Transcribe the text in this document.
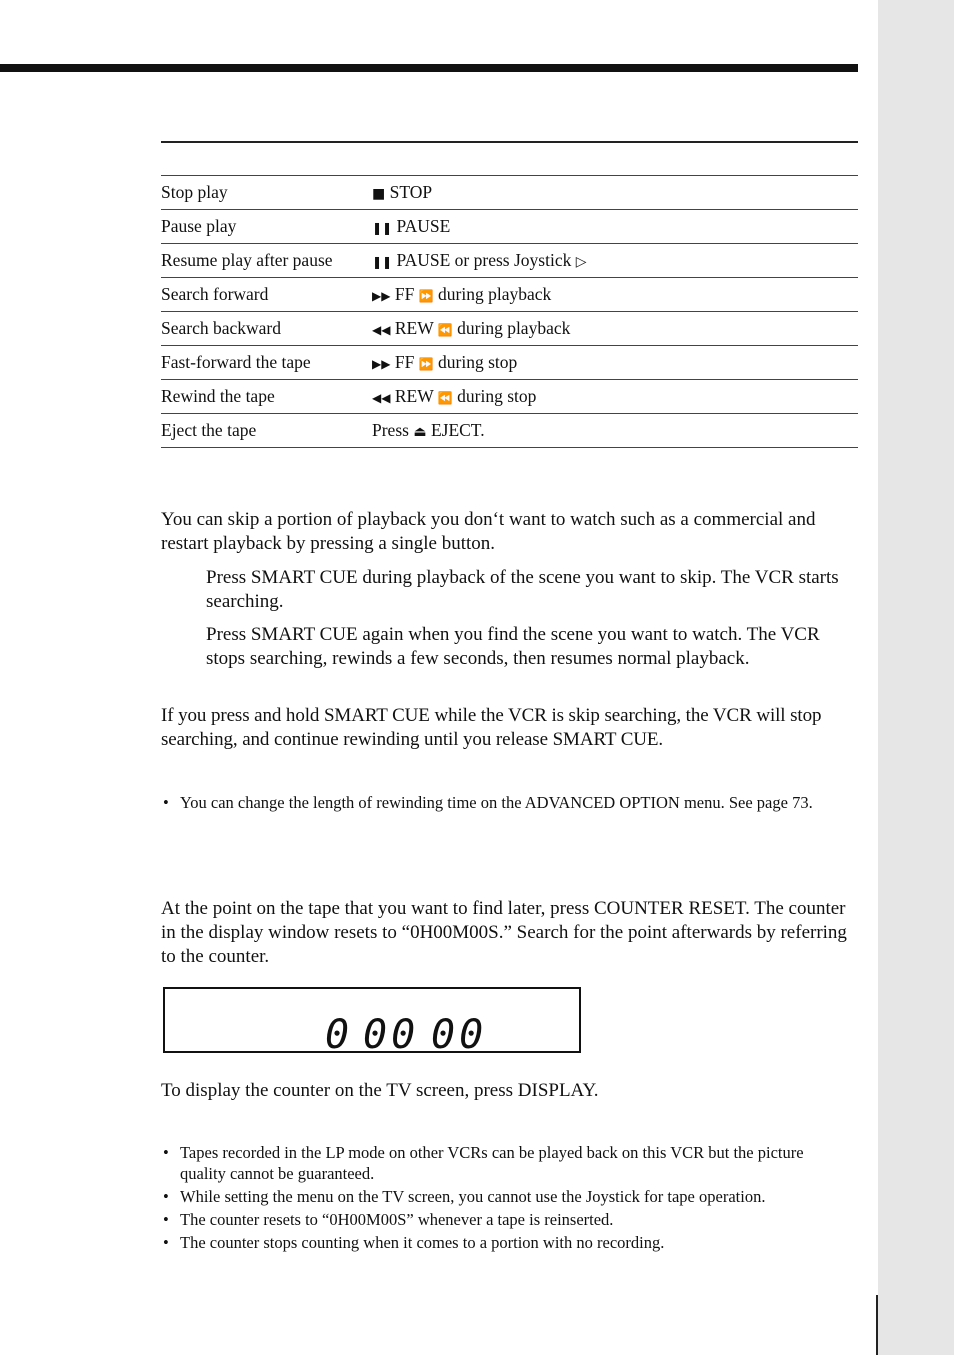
Stop play	■ STOP
Pause play	❚❚ PAUSE
Resume play after pause	❚❚ PAUSE or press Joystick ▷
Search forward	▶▶ FF ⏩ during playback
Search backward	◀◀ REW ⏪ during playback
Fast-forward the tape	▶▶ FF ⏩ during stop
Rewind the tape	◀◀ REW ⏪ during stop
Eject the tape	Press ⏏ EJECT.

You can skip a portion of playback you don‘t want to watch such as a commercial and restart playback by pressing a single button.

Press SMART CUE during playback of the scene you want to skip. The VCR starts searching.

Press SMART CUE again when you find the scene you want to watch. The VCR stops searching, rewinds a few seconds, then resumes normal playback.

If you press and hold SMART CUE while the VCR is skip searching, the VCR will stop searching, and continue rewinding until you release SMART CUE.

• You can change the length of rewinding time on the ADVANCED OPTION menu. See page 73.

At the point on the tape that you want to find later, press COUNTER RESET. The counter in the display window resets to “0H00M00S.” Search for the point afterwards by referring to the counter.

0 00 00

To display the counter on the TV screen, press DISPLAY.

• Tapes recorded in the LP mode on other VCRs can be played back on this VCR but the picture quality cannot be guaranteed.
• While setting the menu on the TV screen, you cannot use the Joystick for tape operation.
• The counter resets to “0H00M00S” whenever a tape is reinserted.
• The counter stops counting when it comes to a portion with no recording.
